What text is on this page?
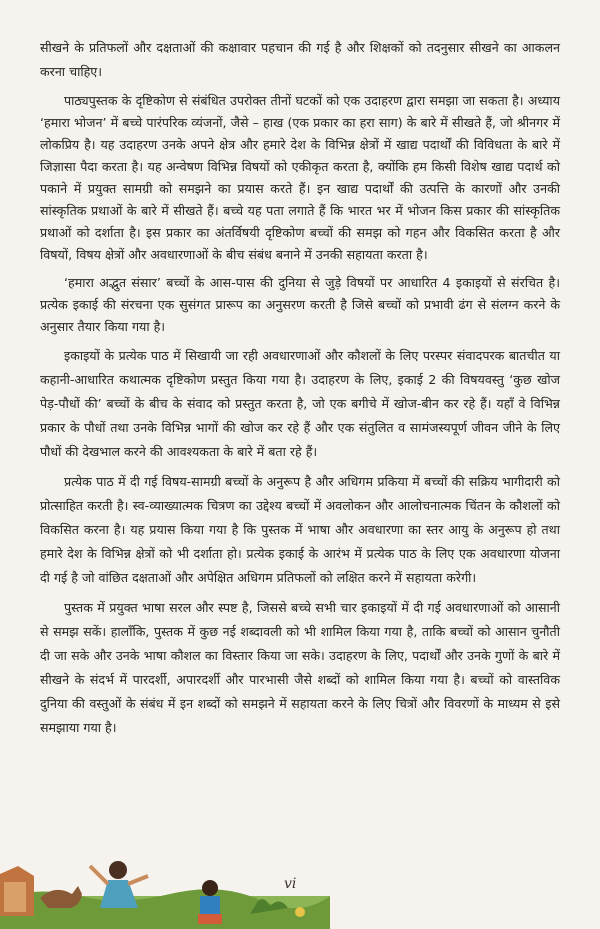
सीखने के प्रतिफलों और दक्षताओं की कक्षावार पहचान की गई है और शिक्षकों को तदनुसार सीखने का आकलन करना चाहिए।

पाठ्यपुस्तक के दृष्टिकोण से संबंधित उपरोक्त तीनों घटकों को एक उदाहरण द्वारा समझा जा सकता है। अध्याय ‘हमारा भोजन’ में बच्चे पारंपरिक व्यंजनों, जैसे – हाख (एक प्रकार का हरा साग) के बारे में सीखते हैं, जो श्रीनगर में लोकप्रिय है। यह उदाहरण उनके अपने क्षेत्र और हमारे देश के विभिन्न क्षेत्रों में खाद्य पदार्थों की विविधता के बारे में जिज्ञासा पैदा करता है। यह अन्वेषण विभिन्न विषयों को एकीकृत करता है, क्योंकि हम किसी विशेष खाद्य पदार्थ को पकाने में प्रयुक्त सामग्री को समझने का प्रयास करते हैं। इन खाद्य पदार्थों की उत्पत्ति के कारणों और उनकी सांस्कृतिक प्रथाओं के बारे में सीखते हैं। बच्चे यह पता लगाते हैं कि भारत भर में भोजन किस प्रकार की सांस्कृतिक प्रथाओं को दर्शाता है। इस प्रकार का अंतर्विषयी दृष्टिकोण बच्चों की समझ को गहन और विकसित करता है और विषयों, विषय क्षेत्रों और अवधारणाओं के बीच संबंध बनाने में उनकी सहायता करता है।

‘हमारा अद्भुत संसार’ बच्चों के आस-पास की दुनिया से जुड़े विषयों पर आधारित 4 इकाइयों से संरचित है। प्रत्येक इकाई की संरचना एक सुसंगत प्रारूप का अनुसरण करती है जिसे बच्चों को प्रभावी ढंग से संलग्न करने के अनुसार तैयार किया गया है।

इकाइयों के प्रत्येक पाठ में सिखायी जा रही अवधारणाओं और कौशलों के लिए परस्पर संवादपरक बातचीत या कहानी-आधारित कथात्मक दृष्टिकोण प्रस्तुत किया गया है। उदाहरण के लिए, इकाई 2 की विषयवस्तु ‘कुछ खोज पेड़-पौधों की’ बच्चों के बीच के संवाद को प्रस्तुत करता है, जो एक बगीचे में खोज-बीन कर रहे हैं। यहाँ वे विभिन्न प्रकार के पौधों तथा उनके विभिन्न भागों की खोज कर रहे हैं और एक संतुलित व सामंजस्यपूर्ण जीवन जीने के लिए पौधों की देखभाल करने की आवश्यकता के बारे में बता रहे हैं।

प्रत्येक पाठ में दी गई विषय-सामग्री बच्चों के अनुरूप है और अधिगम प्रकिया में बच्चों की सक्रिय भागीदारी को प्रोत्साहित करती है। स्व-व्याख्यात्मक चित्रण का उद्देश्य बच्चों में अवलोकन और आलोचनात्मक चिंतन के कौशलों को विकसित करना है। यह प्रयास किया गया है कि पुस्तक में भाषा और अवधारणा का स्तर आयु के अनुरूप हो तथा हमारे देश के विभिन्न क्षेत्रों को भी दर्शाता हो। प्रत्येक इकाई के आरंभ में प्रत्येक पाठ के लिए एक अवधारणा योजना दी गई है जो वांछित दक्षताओं और अपेक्षित अधिगम प्रतिफलों को लक्षित करने में सहायता करेगी।

पुस्तक में प्रयुक्त भाषा सरल और स्पष्ट है, जिससे बच्चे सभी चार इकाइयों में दी गई अवधारणाओं को आसानी से समझ सकें। हालाँकि, पुस्तक में कुछ नई शब्दावली को भी शामिल किया गया है, ताकि बच्चों को आसान चुनौती दी जा सके और उनके भाषा कौशल का विस्तार किया जा सके। उदाहरण के लिए, पदार्थों और उनके गुणों के बारे में सीखने के संदर्भ में पारदर्शी, अपारदर्शी और पारभासी जैसे शब्दों को शामिल किया गया है। बच्चों को वास्तविक दुनिया की वस्तुओं के संबंध में इन शब्दों को समझने में सहायता करने के लिए चित्रों और विवरणों के माध्यम से इसे समझाया गया है।

vi
